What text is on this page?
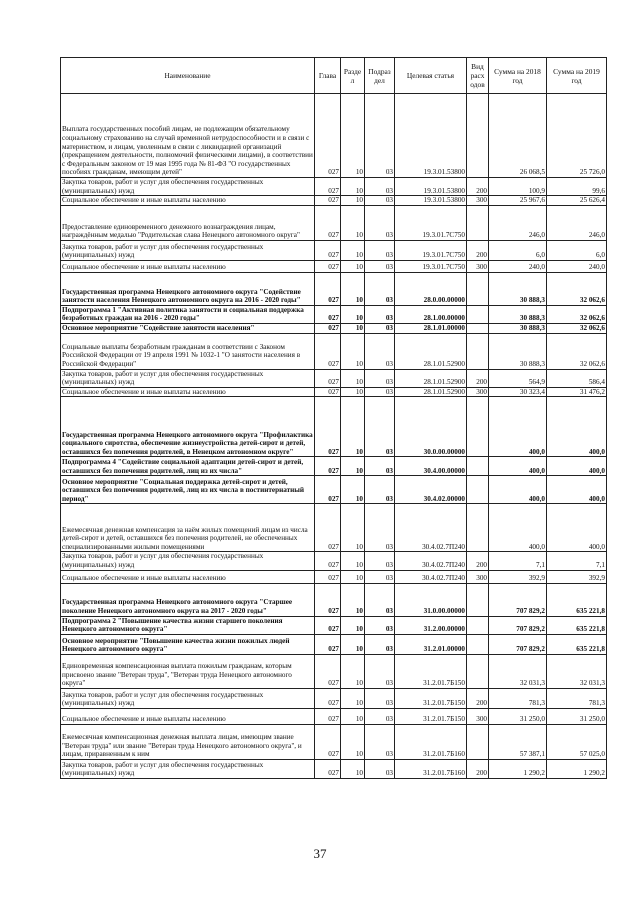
Наименование	Глава	Разде л	Подраз дел	Целевая статья	Вид расх одов	Сумма на 2018 год	Сумма на 2019 год
Выплата государственных пособий лицам, не подлежащим обязательному социальному страхованию на случай временной нетрудоспособности и в связи с материнством, и лицам, уволенным в связи с ликвидацией организаций (прекращением деятельности, полномочий физическими лицами), в соответствии с Федеральным законом от 19 мая 1995 года № 81-ФЗ "О государственных пособиях гражданам, имеющим детей"	027	10	03	19.3.01.53800		26 068,5	25 726,0
Закупка товаров, работ и услуг для обеспечения государственных (муниципальных) нужд	027	10	03	19.3.01.53800	200	100,9	99,6
Социальное обеспечение и иные выплаты населению	027	10	03	19.3.01.53800	300	25 967,6	25 626,4
Предоставление единовременного денежного вознаграждения лицам, награждённым медалью "Родительская слава Ненецкого автономного округа"	027	10	03	19.3.01.7C750		246,0	246,0
Закупка товаров, работ и услуг для обеспечения государственных (муниципальных) нужд	027	10	03	19.3.01.7C750	200	6,0	6,0
Социальное обеспечение и иные выплаты населению	027	10	03	19.3.01.7C750	300	240,0	240,0
Государственная программа Ненецкого автономного округа "Содействие занятости населения Ненецкого автономного округа на 2016 - 2020 годы"	027	10	03	28.0.00.00000		30 888,3	32 062,6
Подпрограмма 1 "Активная политика занятости и социальная поддержка безработных граждан на 2016 - 2020 годы"	027	10	03	28.1.00.00000		30 888,3	32 062,6
Основное мероприятие "Содействие занятости населения"	027	10	03	28.1.01.00000		30 888,3	32 062,6
Социальные выплаты безработным гражданам в соответствии с Законом Российской Федерации от 19 апреля 1991 № 1032-1 "О занятости населения в Российской Федерации"	027	10	03	28.1.01.52900		30 888,3	32 062,6
Закупка товаров, работ и услуг для обеспечения государственных (муниципальных) нужд	027	10	03	28.1.01.52900	200	564,9	586,4
Социальное обеспечение и иные выплаты населению	027	10	03	28.1.01.52900	300	30 323,4	31 476,2
Государственная программа Ненецкого автономного округа "Профилактика социального сиротства, обеспечение жизнеустройства детей-сирот и детей, оставшихся без попечения родителей, в Ненецком автономном округе"	027	10	03	30.0.00.00000		400,0	400,0
Подпрограмма 4 "Содействие социальной адаптации детей-сирот и детей, оставшихся без попечения родителей, лиц из их числа"	027	10	03	30.4.00.00000		400,0	400,0
Основное мероприятие "Социальная поддержка детей-сирот и детей, оставшихся без попечения родителей, лиц из их числа в постинтернатный период"	027	10	03	30.4.02.00000		400,0	400,0
Ежемесячная денежная компенсация за наём жилых помещений лицам из числа детей-сирот и детей, оставшихся без попечения родителей, не обеспеченных специализированными жилыми помещениями	027	10	03	30.4.02.7П240		400,0	400,0
Закупка товаров, работ и услуг для обеспечения государственных (муниципальных) нужд	027	10	03	30.4.02.7П240	200	7,1	7,1
Социальное обеспечение и иные выплаты населению	027	10	03	30.4.02.7П240	300	392,9	392,9
Государственная программа Ненецкого автономного округа "Старшее поколение Ненецкого автономного округа на 2017 - 2020 годы"	027	10	03	31.0.00.00000		707 829,2	635 221,8
Подпрограмма 2 "Повышение качества жизни старшего поколения Ненецкого автономного округа"	027	10	03	31.2.00.00000		707 829,2	635 221,8
Основное мероприятие "Повышение качества жизни пожилых людей Ненецкого автономного округа"	027	10	03	31.2.01.00000		707 829,2	635 221,8
Единовременная компенсационная выплата пожилым гражданам, которым присвоено звание "Ветеран труда", "Ветеран труда Ненецкого автономного округа"	027	10	03	31.2.01.7Б150		32 031,3	32 031,3
Закупка товаров, работ и услуг для обеспечения государственных (муниципальных) нужд	027	10	03	31.2.01.7Б150	200	781,3	781,3
Социальное обеспечение и иные выплаты населению	027	10	03	31.2.01.7Б150	300	31 250,0	31 250,0
Ежемесячная компенсационная денежная выплата лицам, имеющим звание "Ветеран труда" или звание "Ветеран труда Ненецкого автономного округа", и лицам, приравненным к ним	027	10	03	31.2.01.7Б160		57 387,1	57 025,0
Закупка товаров, работ и услуг для обеспечения государственных (муниципальных) нужд	027	10	03	31.2.01.7Б160	200	1 290,2	1 290,2
37
